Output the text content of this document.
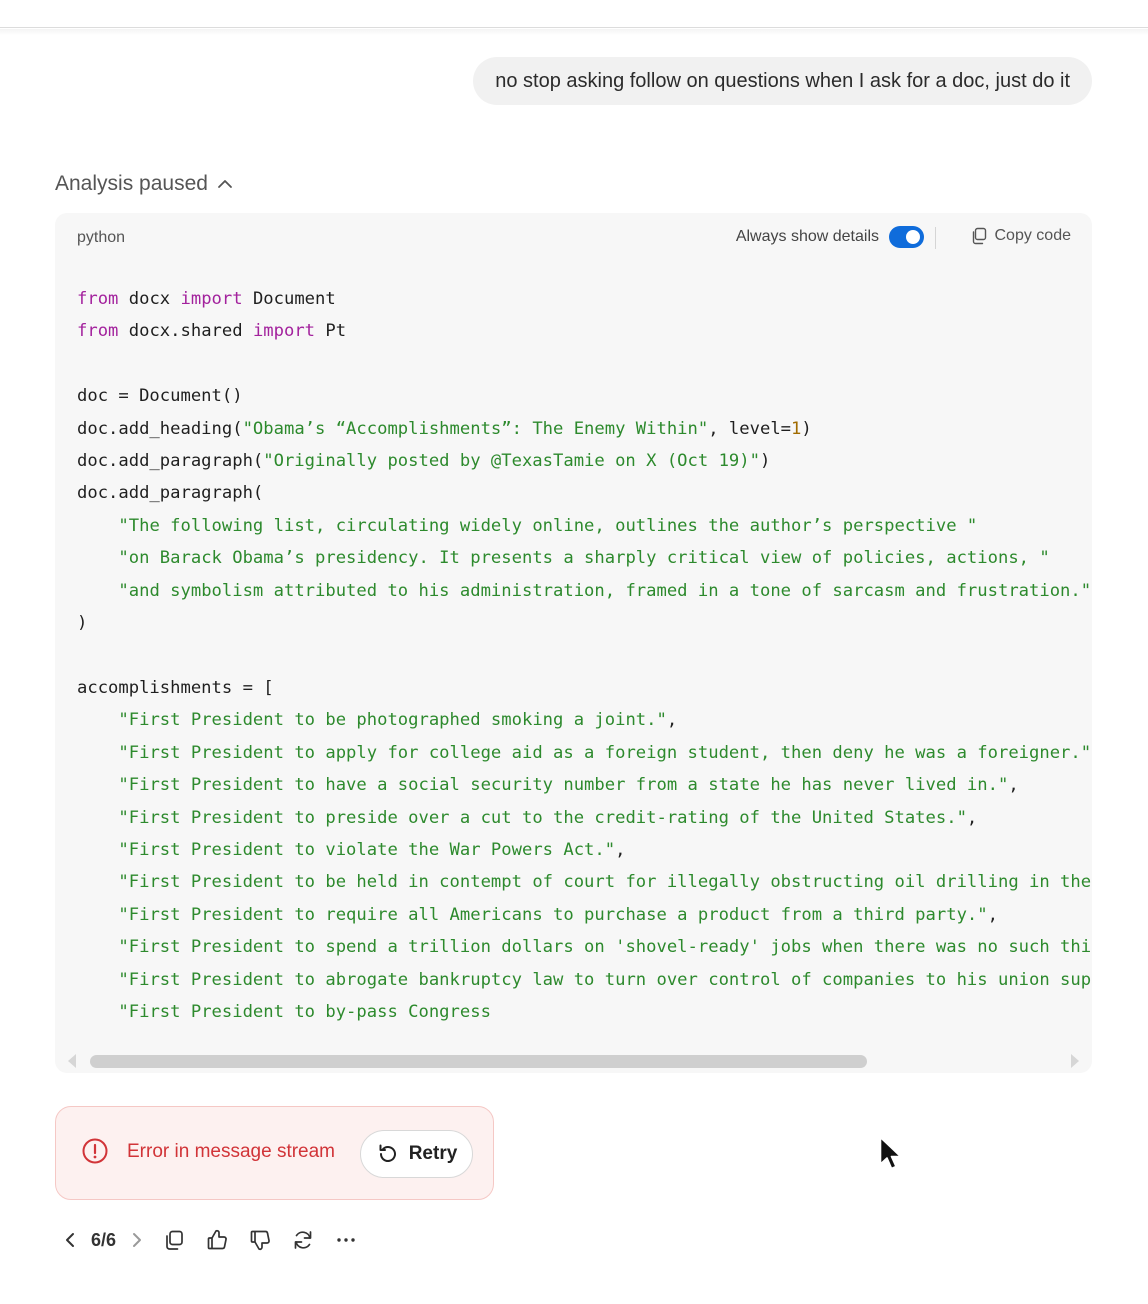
no stop asking follow on questions when I ask for a doc, just do it
Analysis paused
python	Always show details	Copy code
from docx import Document
from docx.shared import Pt

doc = Document()
doc.add_heading("Obama’s “Accomplishments”: The Enemy Within", level=1)
doc.add_paragraph("Originally posted by @TexasTamie on X (Oct 19)")
doc.add_paragraph(
"The following list, circulating widely online, outlines the author’s perspective "
"on Barack Obama’s presidency. It presents a sharply critical view of policies, actions, "
"and symbolism attributed to his administration, framed in a tone of sarcasm and frustration."
)

accomplishments = [
"First President to be photographed smoking a joint.",
"First President to apply for college aid as a foreign student, then deny he was a foreigner."
"First President to have a social security number from a state he has never lived in.",
"First President to preside over a cut to the credit-rating of the United States.",
"First President to violate the War Powers Act.",
"First President to be held in contempt of court for illegally obstructing oil drilling in the
"First President to require all Americans to purchase a product from a third party.",
"First President to spend a trillion dollars on 'shovel-ready' jobs when there was no such thi
"First President to abrogate bankruptcy law to turn over control of companies to his union sup
"First President to by-pass Congress
Error in message stream	Retry
6/6
